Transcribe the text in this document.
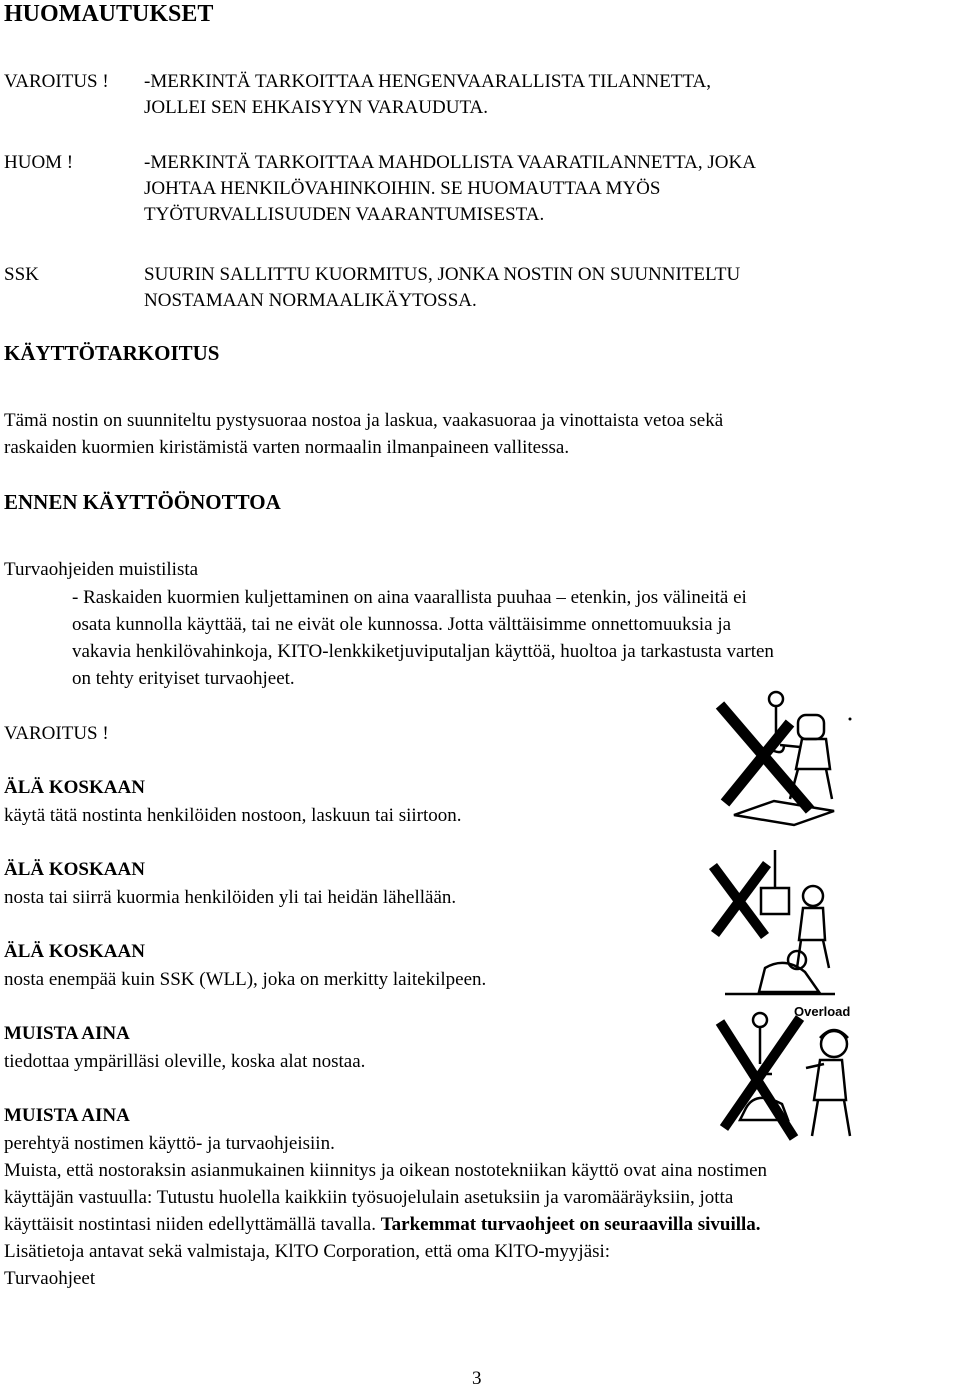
HUOMAUTUKSET
VAROITUS ! -MERKINTÄ TARKOITTAA HENGENVAARALLISTA TILANNETTA,
JOLLEI SEN EHKAISYYN VARAUDUTA.
HUOM !	-MERKINTÄ TARKOITTAA MAHDOLLISTA VAARATILANNETTA, JOKA
JOHTAA HENKILÖVAHINKOIHIN. SE HUOMAUTTAA MYÖS
TYÖTURVALLISUUDEN VAARANTUMISESTA.
SSK	SUURIN SALLITTU KUORMITUS, JONKA NOSTIN ON SUUNNITELTU
NOSTAMAAN NORMAALIKÄYTOSSA.
KÄYTTÖTARKOITUS
Tämä nostin on suunniteltu pystysuoraa nostoa ja laskua, vaakasuoraa ja vinottaista vetoa sekä
raskaiden kuormien kiristämistä varten normaalin ilmanpaineen vallitessa.
ENNEN KÄYTTÖÖNOTTOA
Turvaohjeiden muistilista
- Raskaiden kuormien kuljettaminen on aina vaarallista puuhaa – etenkin, jos välineitä ei
osata kunnolla käyttää, tai ne eivät ole kunnossa. Jotta välttäisimme onnettomuuksia ja
vakavia henkilövahinkoja, KITO-lenkkiketjuviputaljan käyttöä, huoltoa ja tarkastusta varten
on tehty erityiset turvaohjeet.
VAROITUS !
ÄLÄ KOSKAAN
käytä tätä nostinta henkilöiden nostoon, laskuun tai siirtoon.
ÄLÄ KOSKAAN
nosta tai siirrä kuormia henkilöiden yli tai heidän lähellään.
ÄLÄ KOSKAAN
nosta enempää kuin SSK (WLL), joka on merkitty laitekilpeen.
MUISTA AINA
tiedottaa ympärilläsi oleville, koska alat nostaa.
MUISTA AINA
perehtyä nostimen käyttö- ja turvaohjeisiin.
Muista, että nostoraksin asianmukainen kiinnitys ja oikean nostotekniikan käyttö ovat aina nostimen
käyttäjän vastuulla: Tutustu huolella kaikkiin työsuojelulain asetuksiin ja varomääräyksiin, jotta
käyttäisit nostintasi niiden edellyttämällä tavalla. Tarkemmat turvaohjeet on seuraavilla sivuilla.
Lisätietoja antavat sekä valmistaja, KlTO Corporation, että oma KlTO-myyjäsi:
Turvaohjeet
3
Overload
